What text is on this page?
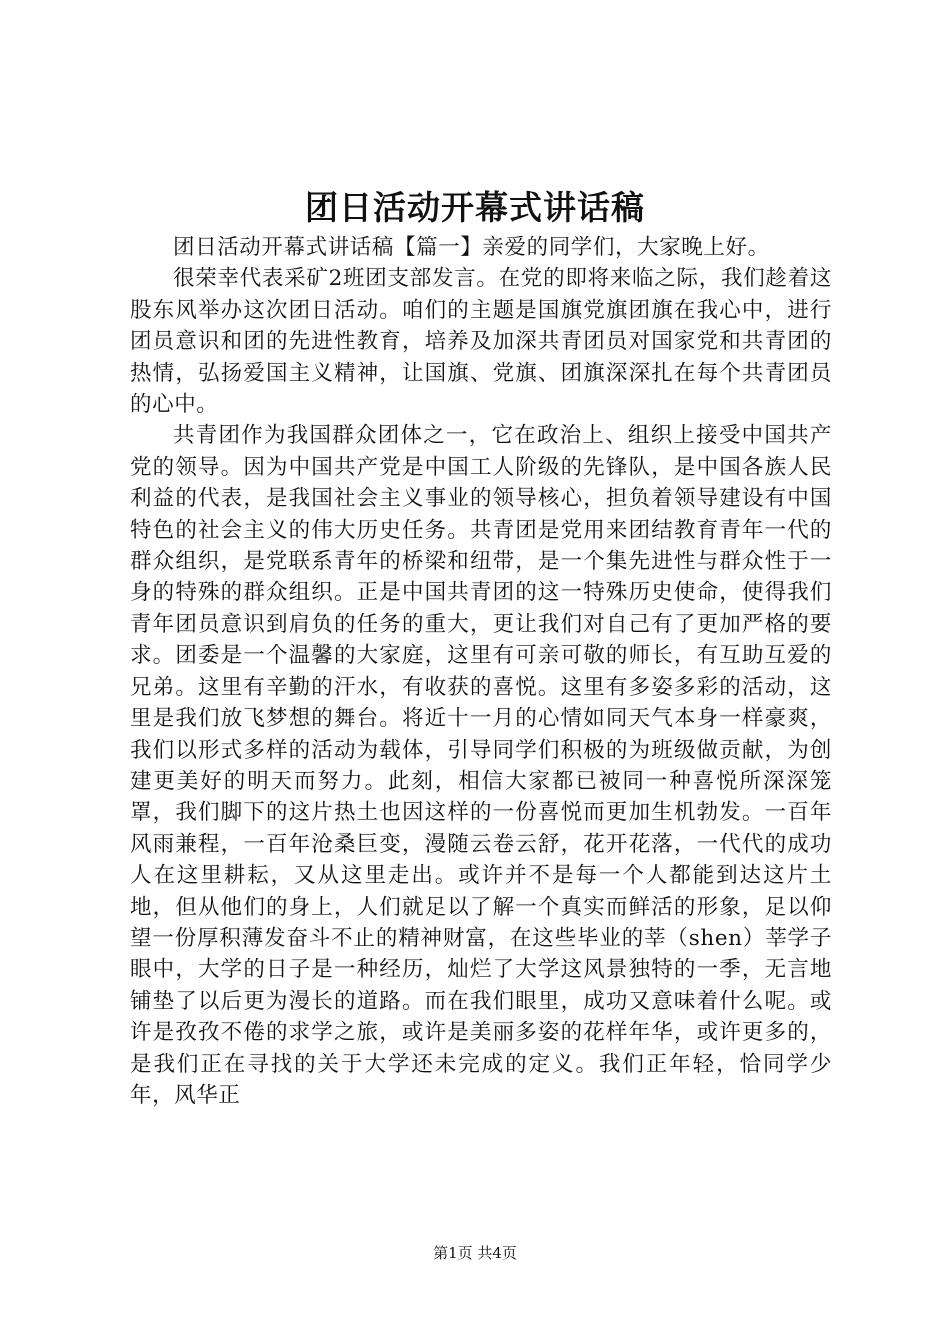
团日活动开幕式讲话稿

团日活动开幕式讲话稿【篇一】亲爱的同学们，大家晚上好。

很荣幸代表采矿2班团支部发言。在党的即将来临之际，我们趁着这股东风举办这次团日活动。咱们的主题是国旗党旗团旗在我心中，进行团员意识和团的先进性教育，培养及加深共青团员对国家党和共青团的热情，弘扬爱国主义精神，让国旗、党旗、团旗深深扎在每个共青团员的心中。

共青团作为我国群众团体之一，它在政治上、组织上接受中国共产党的领导。因为中国共产党是中国工人阶级的先锋队，是中国各族人民利益的代表，是我国社会主义事业的领导核心，担负着领导建设有中国特色的社会主义的伟大历史任务。共青团是党用来团结教育青年一代的群众组织，是党联系青年的桥梁和纽带，是一个集先进性与群众性于一身的特殊的群众组织。正是中国共青团的这一特殊历史使命，使得我们青年团员意识到肩负的任务的重大，更让我们对自己有了更加严格的要求。团委是一个温馨的大家庭，这里有可亲可敬的师长，有互助互爱的兄弟。这里有辛勤的汗水，有收获的喜悦。这里有多姿多彩的活动，这里是我们放飞梦想的舞台。将近十一月的心情如同天气本身一样豪爽，我们以形式多样的活动为载体，引导同学们积极的为班级做贡献，为创建更美好的明天而努力。此刻，相信大家都已被同一种喜悦所深深笼罩，我们脚下的这片热土也因这样的一份喜悦而更加生机勃发。一百年风雨兼程，一百年沧桑巨变，漫随云卷云舒，花开花落，一代代的成功人在这里耕耘，又从这里走出。或许并不是每一个人都能到达这片土地，但从他们的身上，人们就足以了解一个真实而鲜活的形象，足以仰望一份厚积薄发奋斗不止的精神财富，在这些毕业的莘（shen）莘学子眼中，大学的日子是一种经历，灿烂了大学这风景独特的一季，无言地铺垫了以后更为漫长的道路。而在我们眼里，成功又意味着什么呢。或许是孜孜不倦的求学之旅，或许是美丽多姿的花样年华，或许更多的，是我们正在寻找的关于大学还未完成的定义。我们正年轻，恰同学少年，风华正

第1页 共4页
